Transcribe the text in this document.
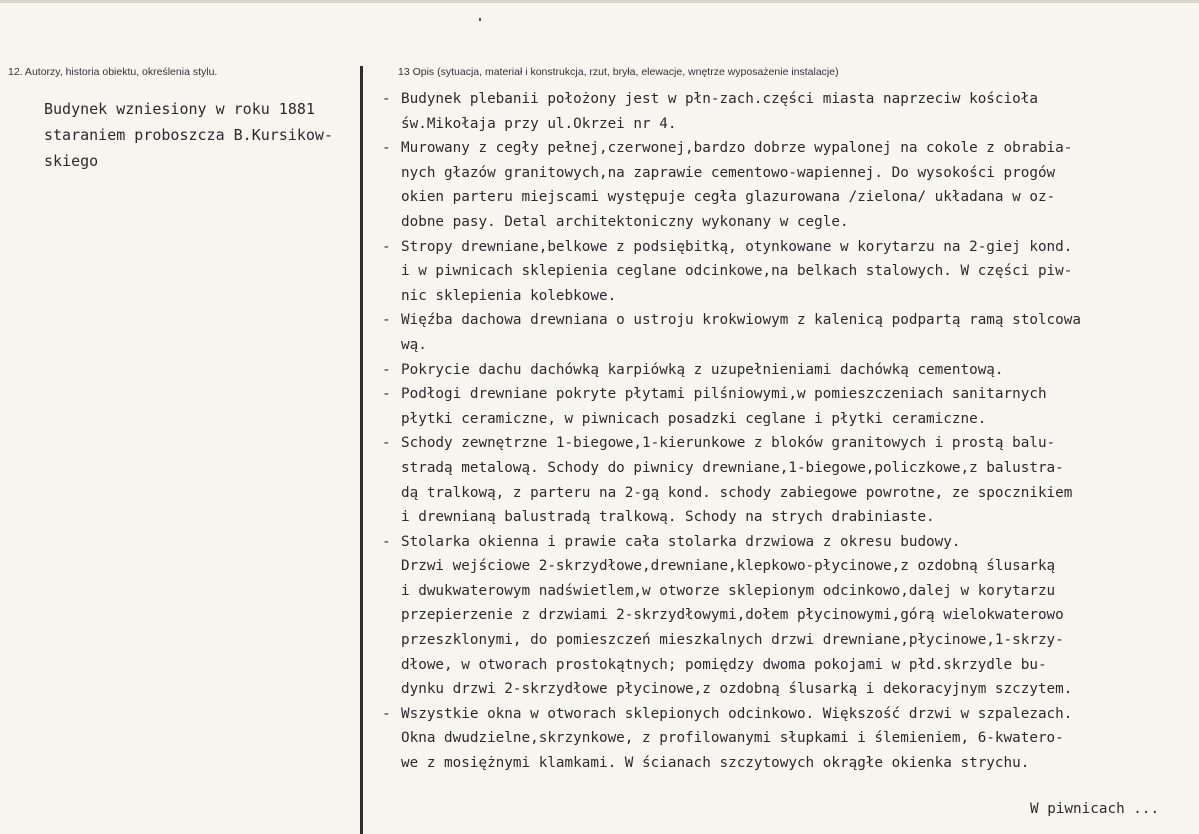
12. Autorzy, historia obiektu, określenia stylu.	13 Opis (sytuacja, materiał i konstrukcja, rzut, bryła, elewacje, wnętrze wyposażenie instalacje)
Budynek wzniesiony w roku 1881
staraniem proboszcza B.Kursikow-
skiego
- Budynek plebanii położony jest w płn-zach.części miasta naprzeciw kościoła
św.Mikołaja przy ul.Okrzei nr 4.
- Murowany z cegły pełnej,czerwonej,bardzo dobrze wypalonej na cokole z obrabia-
nych głazów granitowych,na zaprawie cementowo-wapiennej. Do wysokości progów
okien parteru miejscami występuje cegła glazurowana /zielona/ układana w oz-
dobne pasy. Detal architektoniczny wykonany w cegle.
- Stropy drewniane,belkowe z podsiębitką, otynkowane w korytarzu na 2-giej kond.
i w piwnicach sklepienia ceglane odcinkowe,na belkach stalowych. W części piw-
nic sklepienia kolebkowe.
- Więźba dachowa drewniana o ustroju krokwiowym z kalenicą podpartą ramą stolcowa
wą.
- Pokrycie dachu dachówką karpiówką z uzupełnieniami dachówką cementową.
- Podłogi drewniane pokryte płytami pilśniowymi,w pomieszczeniach sanitarnych
płytki ceramiczne, w piwnicach posadzki ceglane i płytki ceramiczne.
- Schody zewnętrzne 1-biegowe,1-kierunkowe z bloków granitowych i prostą balu-
stradą metalową. Schody do piwnicy drewniane,1-biegowe,policzkowe,z balustra-
dą tralkową, z parteru na 2-gą kond. schody zabiegowe powrotne, ze spocznikiem
i drewnianą balustradą tralkową. Schody na strych drabiniaste.
- Stolarka okienna i prawie cała stolarka drzwiowa z okresu budowy.
Drzwi wejściowe 2-skrzydłowe,drewniane,klepkowo-płycinowe,z ozdobną ślusarką
i dwukwaterowym nadświetlem,w otworze sklepionym odcinkowo,dalej w korytarzu
przepierzenie z drzwiami 2-skrzydłowymi,dołem płycinowymi,górą wielokwaterowo
przeszklonymi, do pomieszczeń mieszkalnych drzwi drewniane,płycinowe,1-skrzy-
dłowe, w otworach prostokątnych; pomiędzy dwoma pokojami w płd.skrzydle bu-
dynku drzwi 2-skrzydłowe płycinowe,z ozdobną ślusarką i dekoracyjnym szczytem.
- Wszystkie okna w otworach sklepionych odcinkowo. Większość drzwi w szpalezach.
Okna dwudzielne,skrzynkowe, z profilowanymi słupkami i ślemieniem, 6-kwatero-
we z mosiężnymi klamkami. W ścianach szczytowych okrągłe okienka strychu.
W piwnicach ...
